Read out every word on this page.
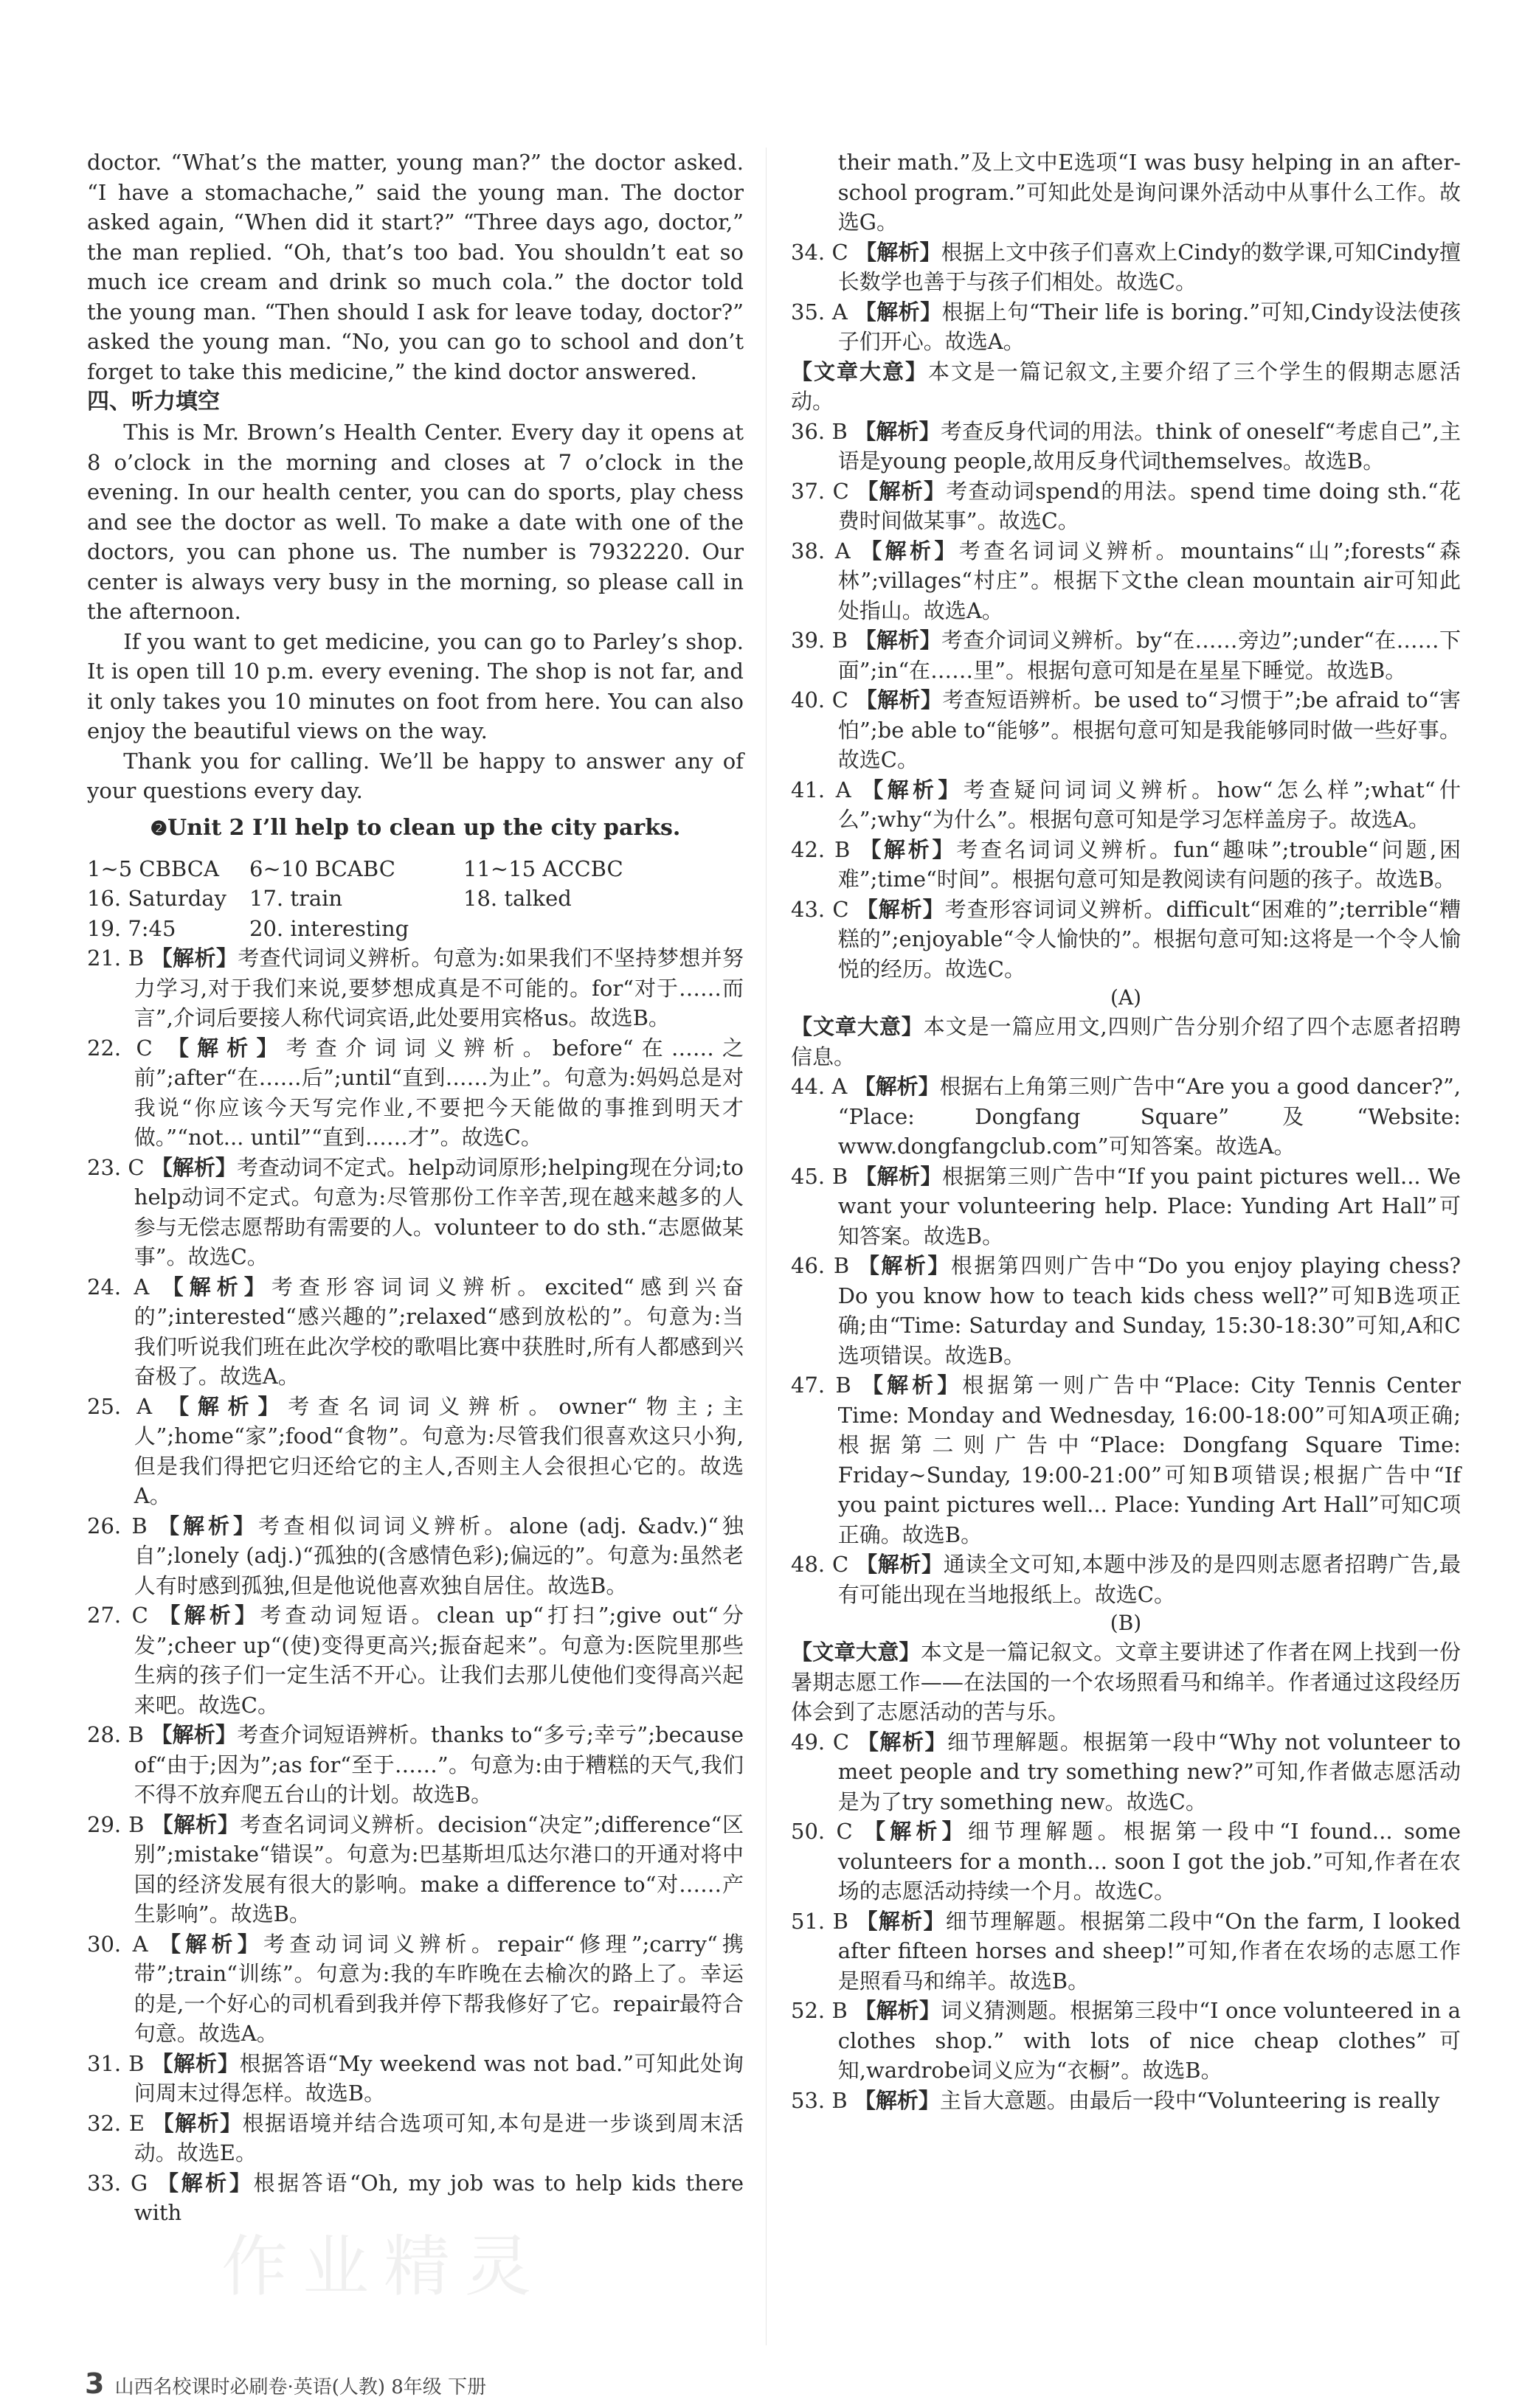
doctor. “What’s the matter, young man?” the doctor asked. “I have a stomachache,” said the young man. The doctor asked again, “When did it start?” “Three days ago, doctor,” the man replied. “Oh, that’s too bad. You shouldn’t eat so much ice cream and drink so much cola.” the doctor told the young man. “Then should I ask for leave today, doctor?” asked the young man. “No, you can go to school and don’t forget to take this medicine,” the kind doctor answered.

四、听力填空

This is Mr. Brown’s Health Center. Every day it opens at 8 o’clock in the morning and closes at 7 o’clock in the evening. In our health center, you can do sports, play chess and see the doctor as well. To make a date with one of the doctors, you can phone us. The number is 7932220. Our center is always very busy in the morning, so please call in the afternoon.

If you want to get medicine, you can go to Parley’s shop. It is open till 10 p.m. every evening. The shop is not far, and it only takes you 10 minutes on foot from here. You can also enjoy the beautiful views on the way.

Thank you for calling. We’ll be happy to answer any of your questions every day.

❷Unit 2 I’ll help to clean up the city parks.
1~5 CBBCA	6~10 BCABC	11~15 ACCBC
16. Saturday	17. train	18. talked
19. 7:45	20. interesting

21. B 【解析】考查代词词义辨析。句意为:如果我们不坚持梦想并努力学习,对于我们来说,要梦想成真是不可能的。for“对于……而言”,介词后要接人称代词宾语,此处要用宾格us。故选B。

22. C 【解析】考查介词词义辨析。before“在……之前”;after“在……后”;until“直到……为止”。句意为:妈妈总是对我说“你应该今天写完作业,不要把今天能做的事推到明天才做。”“not... until”“直到……才”。故选C。

23. C 【解析】考查动词不定式。help动词原形;helping现在分词;to help动词不定式。句意为:尽管那份工作辛苦,现在越来越多的人参与无偿志愿帮助有需要的人。volunteer to do sth.“志愿做某事”。故选C。

24. A 【解析】考查形容词词义辨析。excited“感到兴奋的”;interested“感兴趣的”;relaxed“感到放松的”。句意为:当我们听说我们班在此次学校的歌唱比赛中获胜时,所有人都感到兴奋极了。故选A。

25. A 【解析】考查名词词义辨析。owner“物主;主人”;home“家”;food“食物”。句意为:尽管我们很喜欢这只小狗,但是我们得把它归还给它的主人,否则主人会很担心它的。故选A。

26. B 【解析】考查相似词词义辨析。alone (adj. &adv.)“独自”;lonely (adj.)“孤独的(含感情色彩);偏远的”。句意为:虽然老人有时感到孤独,但是他说他喜欢独自居住。故选B。

27. C 【解析】考查动词短语。clean up“打扫”;give out“分发”;cheer up“(使)变得更高兴;振奋起来”。句意为:医院里那些生病的孩子们一定生活不开心。让我们去那儿使他们变得高兴起来吧。故选C。

28. B 【解析】考查介词短语辨析。thanks to“多亏;幸亏”;because of“由于;因为”;as for“至于……”。句意为:由于糟糕的天气,我们不得不放弃爬五台山的计划。故选B。

29. B 【解析】考查名词词义辨析。decision“决定”;difference“区别”;mistake“错误”。句意为:巴基斯坦瓜达尔港口的开通对将中国的经济发展有很大的影响。make a difference to“对……产生影响”。故选B。

30. A 【解析】考查动词词义辨析。repair“修理”;carry“携带”;train“训练”。句意为:我的车昨晚在去榆次的路上了。幸运的是,一个好心的司机看到我并停下帮我修好了它。repair最符合句意。故选A。

31. B 【解析】根据答语“My weekend was not bad.”可知此处询问周末过得怎样。故选B。

32. E 【解析】根据语境并结合选项可知,本句是进一步谈到周末活动。故选E。

33. G 【解析】根据答语“Oh, my job was to help kids there with

their math.”及上文中E选项“I was busy helping in an after-school program.”可知此处是询问课外活动中从事什么工作。故选G。

34. C 【解析】根据上文中孩子们喜欢上Cindy的数学课,可知Cindy擅长数学也善于与孩子们相处。故选C。

35. A 【解析】根据上句“Their life is boring.”可知,Cindy设法使孩子们开心。故选A。

【文章大意】本文是一篇记叙文,主要介绍了三个学生的假期志愿活动。

36. B 【解析】考查反身代词的用法。think of oneself“考虑自己”,主语是young people,故用反身代词themselves。故选B。

37. C 【解析】考查动词spend的用法。spend time doing sth.“花费时间做某事”。故选C。

38. A 【解析】考查名词词义辨析。mountains“山”;forests“森林”;villages“村庄”。根据下文the clean mountain air可知此处指山。故选A。

39. B 【解析】考查介词词义辨析。by“在……旁边”;under“在……下面”;in“在……里”。根据句意可知是在星星下睡觉。故选B。

40. C 【解析】考查短语辨析。be used to“习惯于”;be afraid to“害怕”;be able to“能够”。根据句意可知是我能够同时做一些好事。故选C。

41. A 【解析】考查疑问词词义辨析。how“怎么样”;what“什么”;why“为什么”。根据句意可知是学习怎样盖房子。故选A。

42. B 【解析】考查名词词义辨析。fun“趣味”;trouble“问题,困难”;time“时间”。根据句意可知是教阅读有问题的孩子。故选B。

43. C 【解析】考查形容词词义辨析。difficult“困难的”;terrible“糟糕的”;enjoyable“令人愉快的”。根据句意可知:这将是一个令人愉悦的经历。故选C。

(A)

【文章大意】本文是一篇应用文,四则广告分别介绍了四个志愿者招聘信息。

44. A 【解析】根据右上角第三则广告中“Are you a good dancer?”, “Place: Dongfang Square”及“Website: www.dongfangclub.com”可知答案。故选A。

45. B 【解析】根据第三则广告中“If you paint pictures well... We want your volunteering help. Place: Yunding Art Hall”可知答案。故选B。

46. B 【解析】根据第四则广告中“Do you enjoy playing chess? Do you know how to teach kids chess well?”可知B选项正确;由“Time: Saturday and Sunday, 15:30-18:30”可知,A和C选项错误。故选B。

47. B 【解析】根据第一则广告中“Place: City Tennis Center Time: Monday and Wednesday, 16:00-18:00”可知A项正确;根据第二则广告中“Place: Dongfang Square Time: Friday~Sunday, 19:00-21:00”可知B项错误;根据广告中“If you paint pictures well... Place: Yunding Art Hall”可知C项正确。故选B。

48. C 【解析】通读全文可知,本题中涉及的是四则志愿者招聘广告,最有可能出现在当地报纸上。故选C。

(B)

【文章大意】本文是一篇记叙文。文章主要讲述了作者在网上找到一份暑期志愿工作——在法国的一个农场照看马和绵羊。作者通过这段经历体会到了志愿活动的苦与乐。

49. C 【解析】细节理解题。根据第一段中“Why not volunteer to meet people and try something new?”可知,作者做志愿活动是为了try something new。故选C。

50. C 【解析】细节理解题。根据第一段中“I found... some volunteers for a month... soon I got the job.”可知,作者在农场的志愿活动持续一个月。故选C。

51. B 【解析】细节理解题。根据第二段中“On the farm, I looked after fifteen horses and sheep!”可知,作者在农场的志愿工作是照看马和绵羊。故选B。

52. B 【解析】词义猜测题。根据第三段中“I once volunteered in a clothes shop.” with lots of nice cheap clothes”可知,wardrobe词义应为“衣橱”。故选B。

53. B 【解析】主旨大意题。由最后一段中“Volunteering is really

作业精灵
3 山西名校课时必刷卷·英语(人教) 8年级 下册
